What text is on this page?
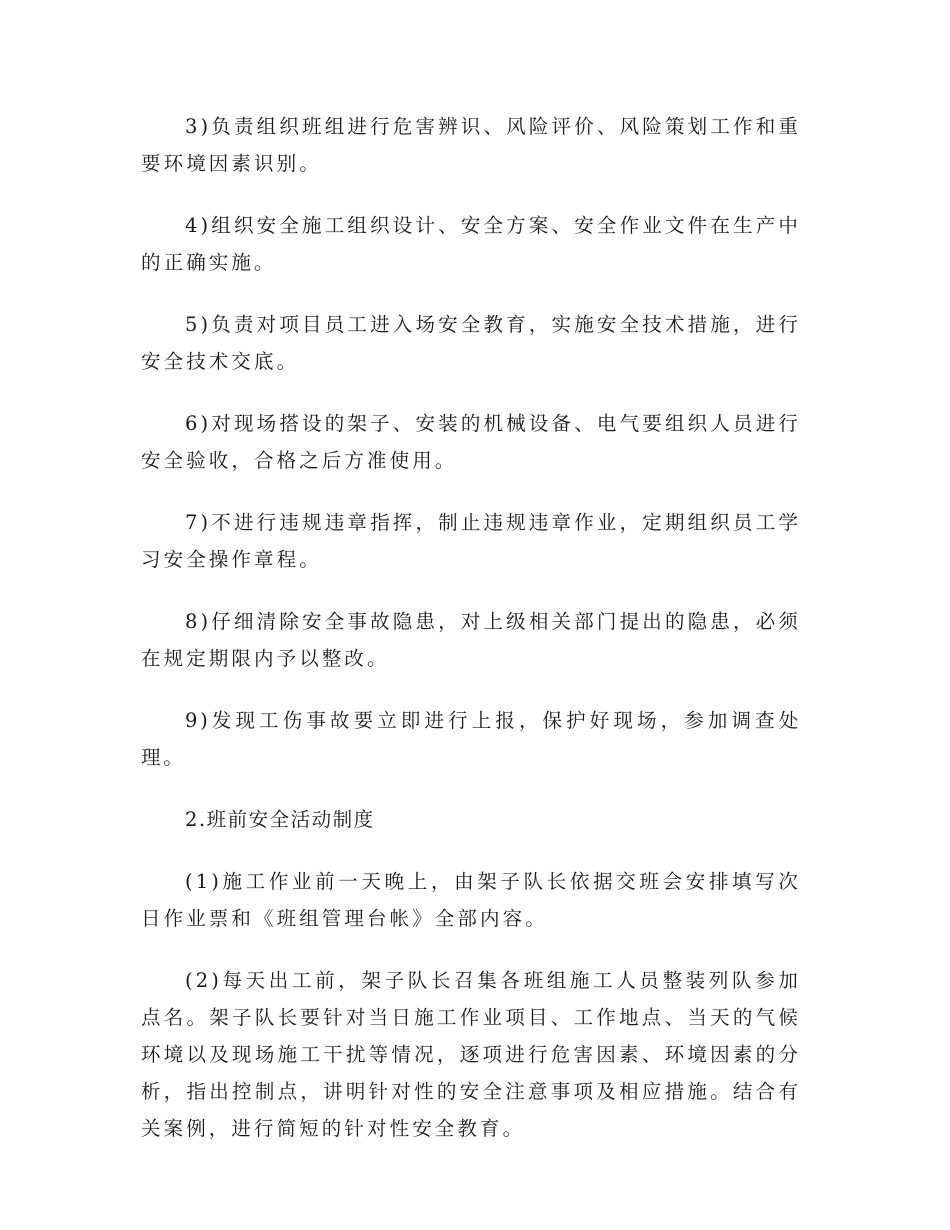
3)负责组织班组进行危害辨识、风险评价、风险策划工作和重要环境因素识别。

4)组织安全施工组织设计、安全方案、安全作业文件在生产中的正确实施。

5)负责对项目员工进入场安全教育，实施安全技术措施，进行安全技术交底。

6)对现场搭设的架子、安装的机械设备、电气要组织人员进行安全验收，合格之后方准使用。

7)不进行违规违章指挥，制止违规违章作业，定期组织员工学习安全操作章程。

8)仔细清除安全事故隐患，对上级相关部门提出的隐患，必须在规定期限内予以整改。

9)发现工伤事故要立即进行上报，保护好现场，参加调查处理。

2.班前安全活动制度

(1)施工作业前一天晚上，由架子队长依据交班会安排填写次日作业票和《班组管理台帐》全部内容。

(2)每天出工前，架子队长召集各班组施工人员整装列队参加点名。架子队长要针对当日施工作业项目、工作地点、当天的气候环境以及现场施工干扰等情况，逐项进行危害因素、环境因素的分析，指出控制点，讲明针对性的安全注意事项及相应措施。结合有关案例，进行简短的针对性安全教育。
